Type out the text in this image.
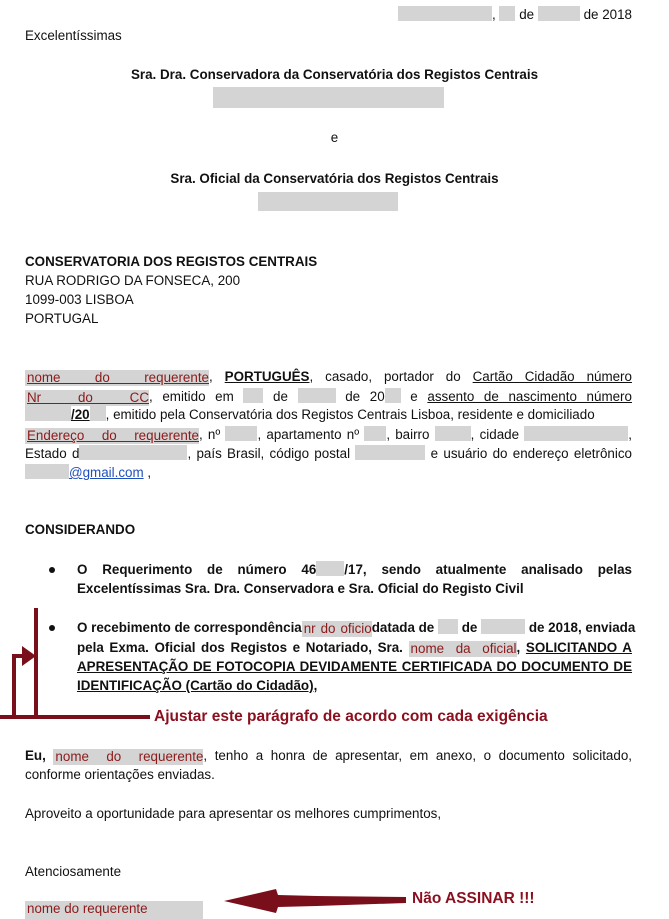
, de	de 2018
Excelentíssimas
Sra. Dra. Conservadora da Conservatória dos Registos Centrais
e
Sra. Oficial da Conservatória dos Registos Centrais
CONSERVATORIA DOS REGISTOS CENTRAIS
RUA RODRIGO DA FONSECA, 200
1099-003 LISBOA
PORTUGAL
nome do requerente, PORTUGUÊS, casado, portador do Cartão Cidadão número
Nr do CC, emitido em	de	de 20 e assento de nascimento número
/20 , emitido pela Conservatória dos Registos Centrais Lisboa, residente e domiciliado
Endereço do requerente, nº	, apartamento nº , bairro	, cidade	,
Estado d	, país Brasil, código postal	e usuário do endereço eletrônico
@gmail.com ,
CONSIDERANDO
O Requerimento de número 46 /17, sendo atualmente analisado pelas
Excelentíssimas Sra. Dra. Conservadora e Sra. Oficial do Registo Civil
O recebimento de correspondência nr do oficiodatada de de	de 2018, enviada
pela Exma. Oficial dos Registos e Notariado, Sra. nome da oficial, SOLICITANDO A
APRESENTAÇÃO DE FOTOCOPIA DEVIDAMENTE CERTIFICADA DO DOCUMENTO DE
IDENTIFICAÇÃO (Cartão do Cidadão),
Ajustar este parágrafo de acordo com cada exigência
Eu, nome do requerente, tenho a honra de apresentar, em anexo, o documento solicitado,
conforme orientações enviadas.
Aproveito a oportunidade para apresentar os melhores cumprimentos,
Atenciosamente
nome do requerente
Não ASSINAR !!!
